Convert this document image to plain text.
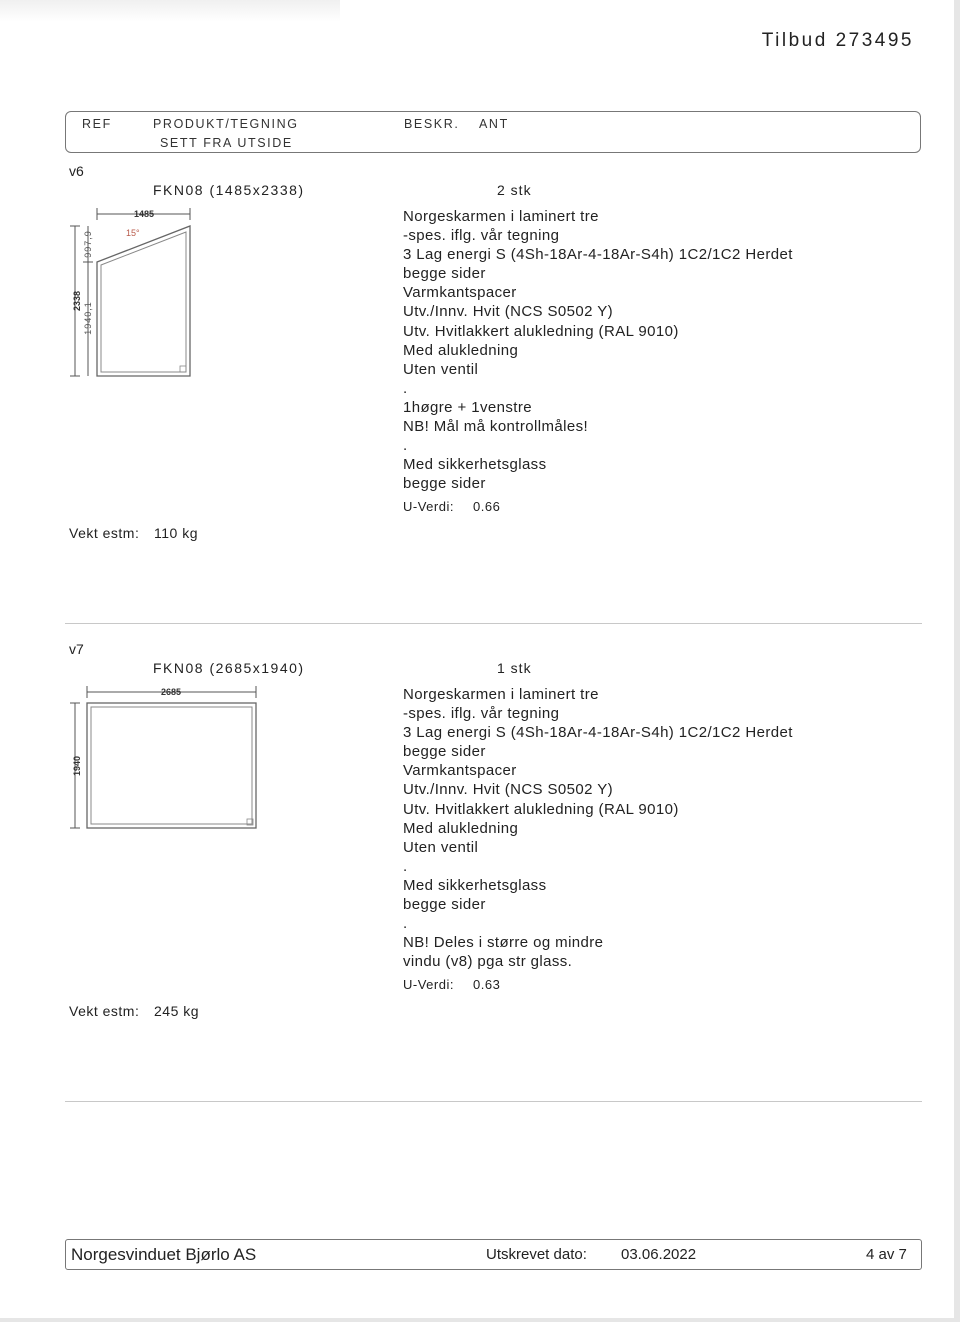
Tilbud 273495
REF	PRODUKT/TEGNING
SETT FRA UTSIDE
BESKR. ANT
v6
FKN08 (1485x2338)	2 stk
1485
2338
997,9
1940,1
15°
Norgeskarmen i laminert tre
-spes. iflg. vår tegning
3 Lag energi S (4Sh-18Ar-4-18Ar-S4h) 1C2/1C2 Herdet
begge sider
Varmkantspacer
Utv./Innv. Hvit (NCS S0502 Y)
Utv. Hvitlakkert alukledning (RAL 9010)
Med alukledning
Uten ventil
.
1høgre + 1venstre
NB! Mål må kontrollmåles!
.
Med sikkerhetsglass
begge sider
U-Verdi: 0.66
Vekt estm: 110 kg
v7
FKN08 (2685x1940)	1 stk
2685
1940
Norgeskarmen i laminert tre
-spes. iflg. vår tegning
3 Lag energi S (4Sh-18Ar-4-18Ar-S4h) 1C2/1C2 Herdet
begge sider
Varmkantspacer
Utv./Innv. Hvit (NCS S0502 Y)
Utv. Hvitlakkert alukledning (RAL 9010)
Med alukledning
Uten ventil
.
Med sikkerhetsglass
begge sider
.
NB! Deles i større og mindre
vindu (v8) pga str glass.
U-Verdi: 0.63
Vekt estm: 245 kg
Norgesvinduet Bjørlo AS	Utskrevet dato: 03.06.2022	4 av 7
